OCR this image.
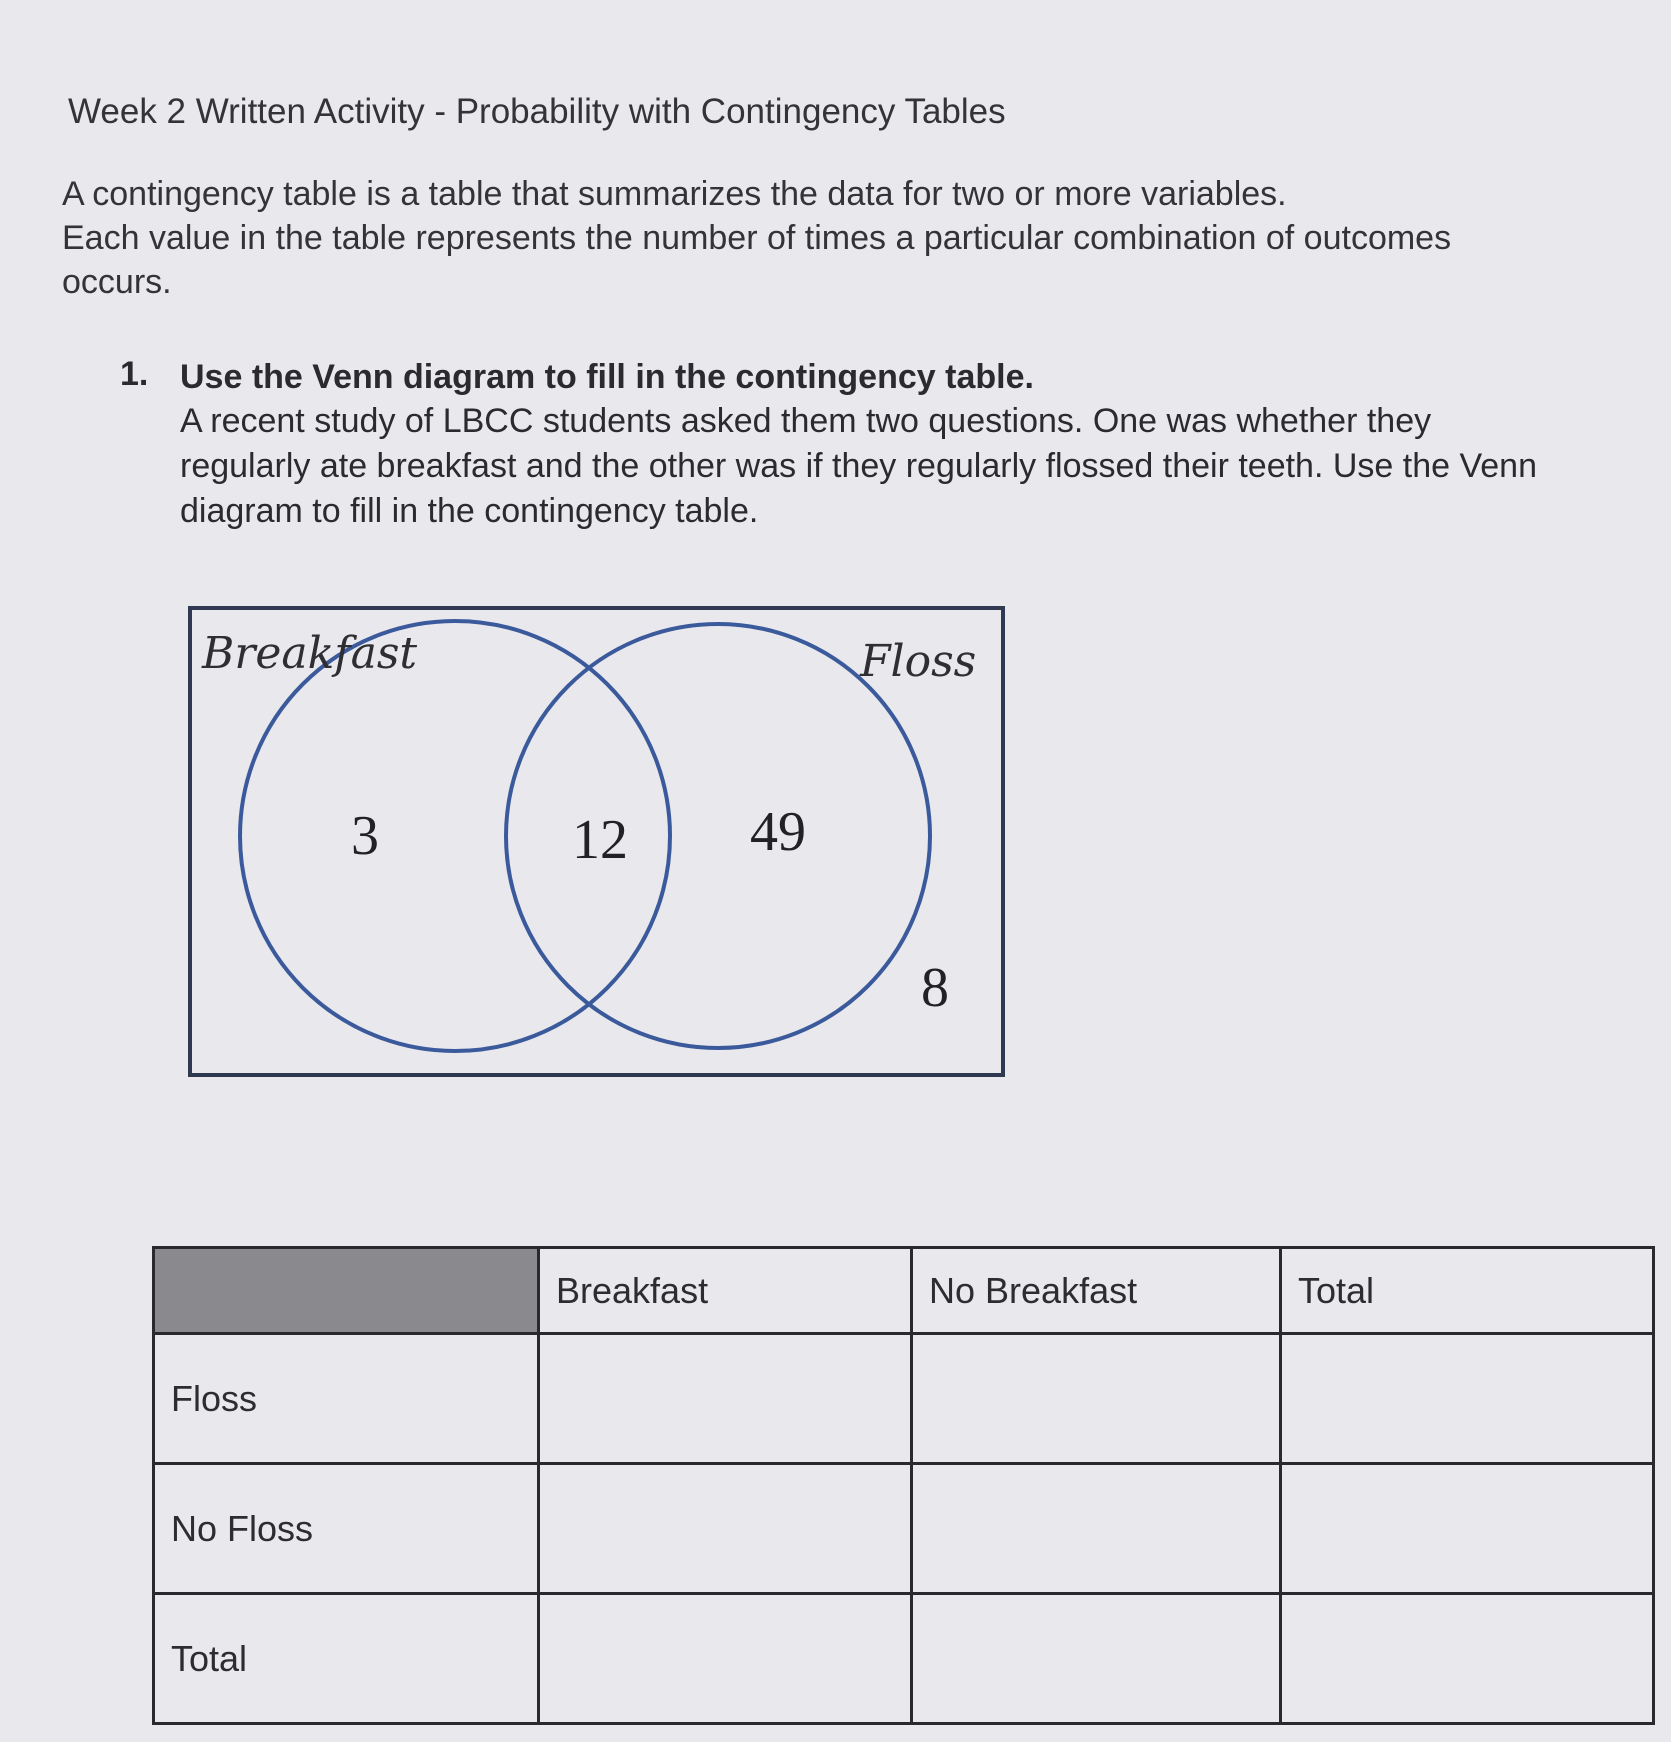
Week 2 Written Activity - Probability with Contingency Tables

A contingency table is a table that summarizes the data for two or more variables.

Each value in the table represents the number of times a particular combination of outcomes occurs.

1. Use the Venn diagram to fill in the contingency table.

A recent study of LBCC students asked them two questions. One was whether they regularly ate breakfast and the other was if they regularly flossed their teeth. Use the Venn diagram to fill in the contingency table.

Breakfast	Floss
3	12 49
8
	Breakfast	No Breakfast	Total
Floss			
No Floss			
Total			
